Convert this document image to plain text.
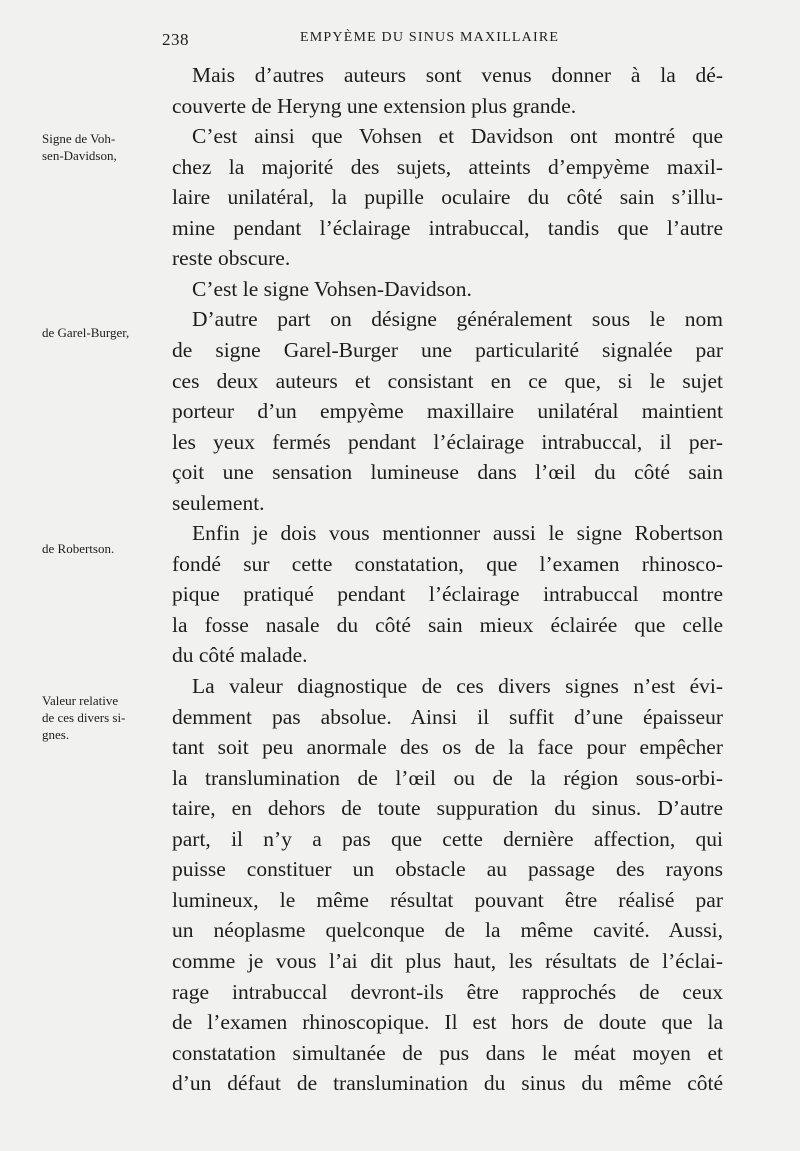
238	EMPYÈME DU SINUS MAXILLAIRE
Signe de Voh-
sen-Davidson,
de Garel-Burger,
de Robertson.
Valeur relative
de ces divers si-
gnes.
Mais d’autres auteurs sont venus donner à la dé-
couverte de Heryng une extension plus grande.
C’est ainsi que Vohsen et Davidson ont montré que
chez la majorité des sujets, atteints d’empyème maxil-
laire unilatéral, la pupille oculaire du côté sain s’illu-
mine pendant l’éclairage intrabuccal, tandis que l’autre
reste obscure.
C’est le signe Vohsen-Davidson.
D’autre part on désigne généralement sous le nom
de signe Garel-Burger une particularité signalée par
ces deux auteurs et consistant en ce que, si le sujet
porteur d’un empyème maxillaire unilatéral maintient
les yeux fermés pendant l’éclairage intrabuccal, il per-
çoit une sensation lumineuse dans l’œil du côté sain
seulement.
Enfin je dois vous mentionner aussi le signe Robertson
fondé sur cette constatation, que l’examen rhinosco-
pique pratiqué pendant l’éclairage intrabuccal montre
la fosse nasale du côté sain mieux éclairée que celle
du côté malade.
La valeur diagnostique de ces divers signes n’est évi-
demment pas absolue. Ainsi il suffit d’une épaisseur
tant soit peu anormale des os de la face pour empêcher
la translumination de l’œil ou de la région sous-orbi-
taire, en dehors de toute suppuration du sinus. D’autre
part, il n’y a pas que cette dernière affection, qui
puisse constituer un obstacle au passage des rayons
lumineux, le même résultat pouvant être réalisé par
un néoplasme quelconque de la même cavité. Aussi,
comme je vous l’ai dit plus haut, les résultats de l’éclai-
rage intrabuccal devront-ils être rapprochés de ceux
de l’examen rhinoscopique. Il est hors de doute que la
constatation simultanée de pus dans le méat moyen et
d’un défaut de translumination du sinus du même côté
